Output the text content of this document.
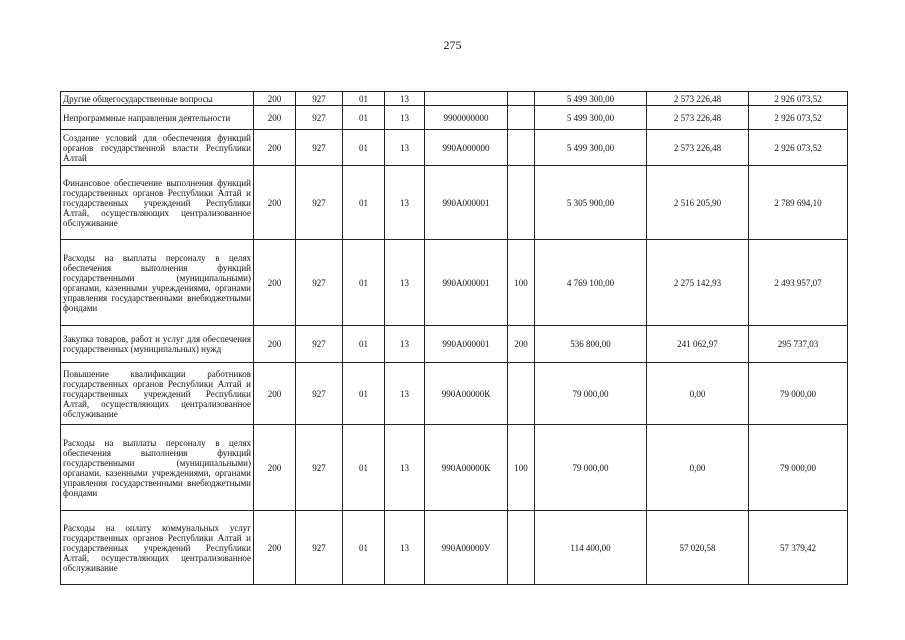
275
Другие общегосударственные вопросы	200	927	01	13			5 499 300,00	2 573 226,48	2 926 073,52
Непрограммные направления деятельности	200	927	01	13	9900000000		5 499 300,00	2 573 226,48	2 926 073,52
Создание условий для обеспечения функций органов государственной власти Республики Алтай	200	927	01	13	990А000000		5 499 300,00	2 573 226,48	2 926 073,52
Финансовое обеспечение выполнения функций государственных органов Республики Алтай и государственных учреждений Республики Алтай, осуществляющих централизованное обслуживание	200	927	01	13	990А000001		5 305 900,00	2 516 205,90	2 789 694,10
Расходы на выплаты персоналу в целях обеспечения выполнения функций государственными (муниципальными) органами, казенными учреждениями, органами управления государственными внебюджетными фондами	200	927	01	13	990А000001	100	4 769 100,00	2 275 142,93	2 493 957,07
Закупка товаров, работ и услуг для обеспечения государственных (муниципальных) нужд	200	927	01	13	990А000001	200	536 800,00	241 062,97	295 737,03
Повышение квалификации работников государственных органов Республики Алтай и государственных учреждений Республики Алтай, осуществляющих централизованное обслуживание	200	927	01	13	990А00000К		79 000,00	0,00	79 000,00
Расходы на выплаты персоналу в целях обеспечения выполнения функций государственными (муниципальными) органами, казенными учреждениями, органами управления государственными внебюджетными фондами	200	927	01	13	990А00000К	100	79 000,00	0,00	79 000,00
Расходы на оплату коммунальных услуг государственных органов Республики Алтай и государственных учреждений Республики Алтай, осуществляющих централизованное обслуживание	200	927	01	13	990А00000У		114 400,00	57 020,58	57 379,42
